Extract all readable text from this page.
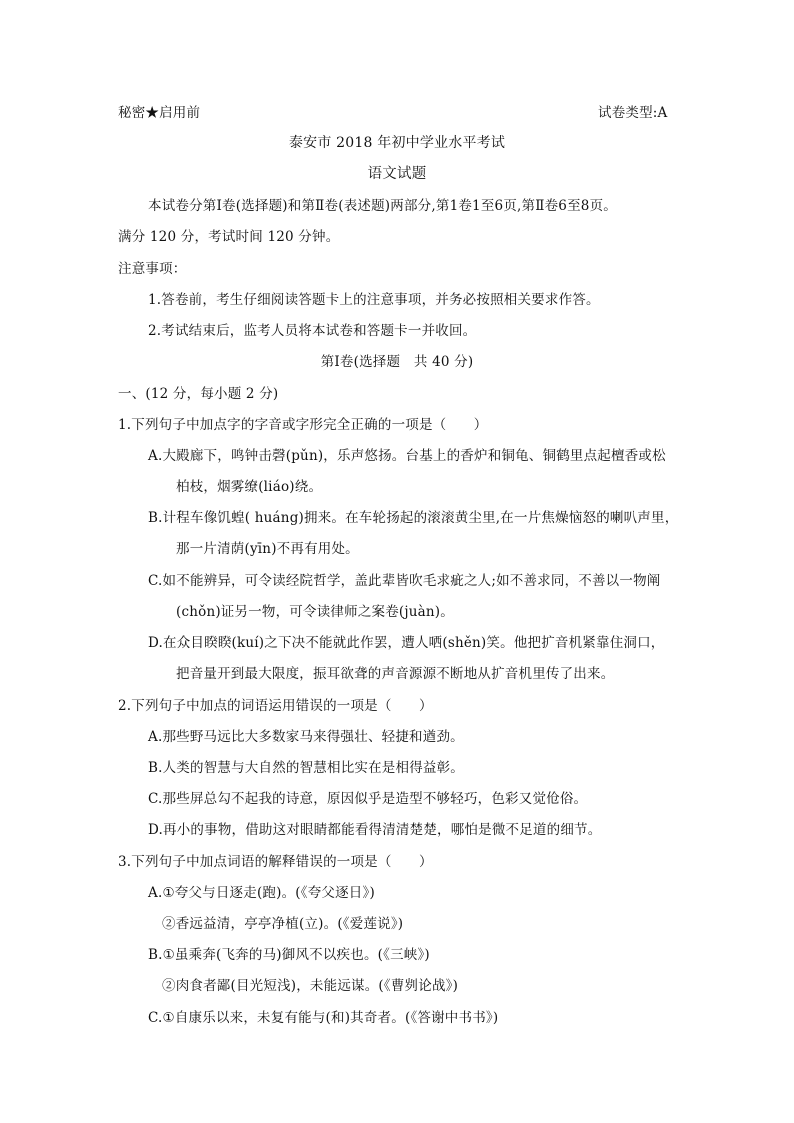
秘密★启用前	试卷类型:A
泰安市 2018 年初中学业水平考试
语文试题
本试卷分第Ⅰ卷(选择题)和第Ⅱ卷(表述题)两部分,第1卷1至6页,第Ⅱ卷6至8页。
满分 120 分，考试时间 120 分钟。
注意事项：
1.答卷前，考生仔细阅读答题卡上的注意事项，并务必按照相关要求作答。
2.考试结束后，监考人员将本试卷和答题卡一并收回。
第Ⅰ卷(选择题　共 40 分)
一、(12 分，每小题 2 分)
1.下列句子中加点字的字音或字形完全正确的一项是（　　）
A.大殿廊下，鸣钟击磬(pǔn)，乐声悠扬。台基上的香炉和铜龟、铜鹤里点起檀香或松
柏枝，烟雾缭(liáo)绕。
B.计程车像饥蝗( huáng)拥来。在车轮扬起的滚滚黄尘里,在一片焦燥恼怒的喇叭声里，
那一片清荫(yīn)不再有用处。
C.如不能辨异，可令读经院哲学，盖此辈皆吹毛求疵之人;如不善求同，不善以一物阐
(chǒn)证另一物，可令读律师之案卷(juàn)。
D.在众目睽睽(kuí)之下决不能就此作罢，遭人哂(shěn)笑。他把扩音机紧靠住洞口，
把音量开到最大限度，振耳欲聋的声音源源不断地从扩音机里传了出来。
2.下列句子中加点的词语运用错误的一项是（　　）
A.那些野马远比大多数家马来得强壮、轻捷和遒劲。
B.人类的智慧与大自然的智慧相比实在是相得益彰。
C.那些屏总勾不起我的诗意，原因似乎是造型不够轻巧，色彩又觉伧俗。
D.再小的事物，借助这对眼睛都能看得清清楚楚，哪怕是微不足道的细节。
3.下列句子中加点词语的解释错误的一项是（　　）
A.①夸父与日逐走(跑)。(《夸父逐日》)
②香远益清，亭亭净植(立)。(《爱莲说》)
B.①虽乘奔(飞奔的马)御风不以疾也。(《三峡》)
②肉食者鄙(目光短浅)，未能远谋。(《曹刿论战》)
C.①自康乐以来，未复有能与(和)其奇者。(《答谢中书书》)
